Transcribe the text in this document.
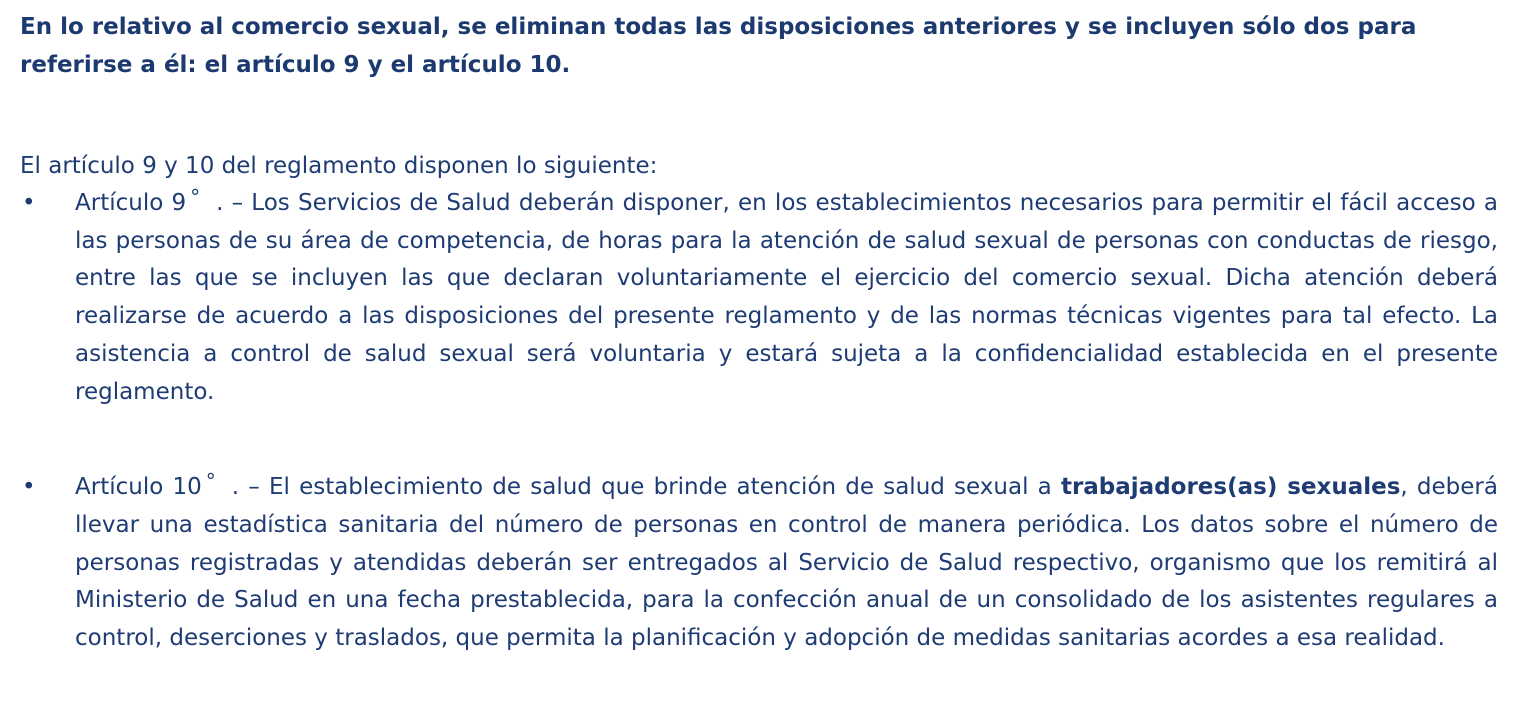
En lo relativo al comercio sexual, se eliminan todas las disposiciones anteriores y se incluyen sólo dos para referirse a él: el artículo 9 y el artículo 10.

El artículo 9 y 10 del reglamento disponen lo siguiente:

• Artículo 9 ° . – Los Servicios de Salud deberán disponer, en los establecimientos necesarios para permitir el fácil acceso a las personas de su área de competencia, de horas para la atención de salud sexual de personas con conductas de riesgo, entre las que se incluyen las que declaran voluntariamente el ejercicio del comercio sexual. Dicha atención deberá realizarse de acuerdo a las disposiciones del presente reglamento y de las normas técnicas vigentes para tal efecto. La asistencia a control de salud sexual será voluntaria y estará sujeta a la confidencialidad establecida en el presente reglamento.
• Artículo 10 ° . – El establecimiento de salud que brinde atención de salud sexual a trabajadores(as) sexuales, deberá llevar una estadística sanitaria del número de personas en control de manera periódica. Los datos sobre el número de personas registradas y atendidas deberán ser entregados al Servicio de Salud respectivo, organismo que los remitirá al Ministerio de Salud en una fecha prestablecida, para la confección anual de un consolidado de los asistentes regulares a control, deserciones y traslados, que permita la planificación y adopción de medidas sanitarias acordes a esa realidad.
